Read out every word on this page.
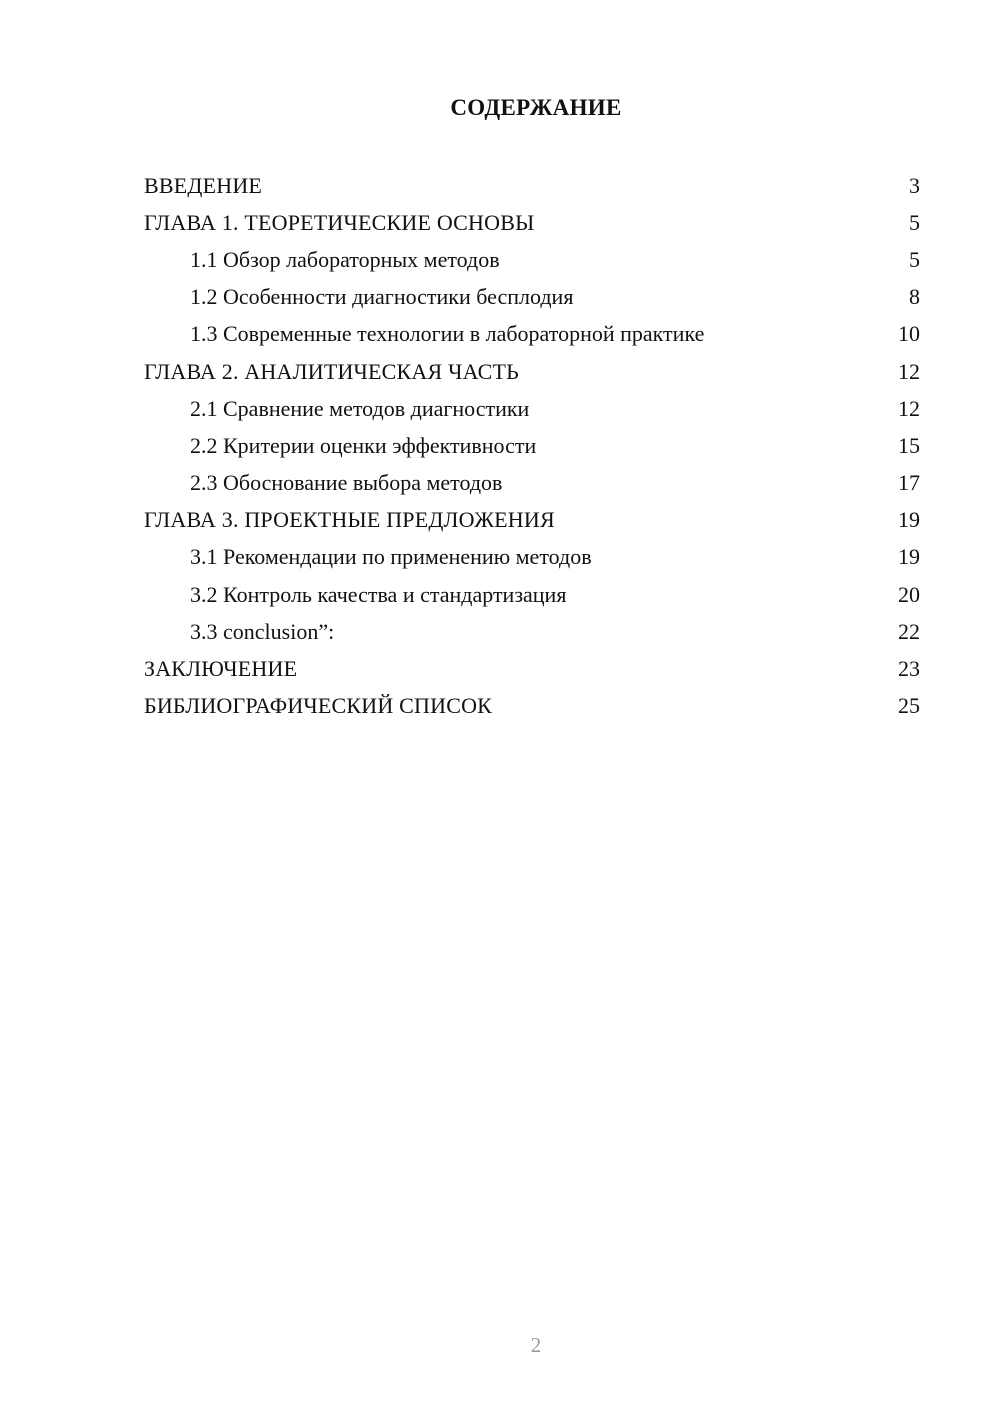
СОДЕРЖАНИЕ
ВВЕДЕНИЕ	3
ГЛАВА 1. ТЕОРЕТИЧЕСКИЕ ОСНОВЫ	5
1.1 Обзор лабораторных методов	5
1.2 Особенности диагностики бесплодия	8
1.3 Современные технологии в лабораторной практике	10
ГЛАВА 2. АНАЛИТИЧЕСКАЯ ЧАСТЬ	12
2.1 Сравнение методов диагностики	12
2.2 Критерии оценки эффективности	15
2.3 Обоснование выбора методов	17
ГЛАВА 3. ПРОЕКТНЫЕ ПРЕДЛОЖЕНИЯ	19
3.1 Рекомендации по применению методов	19
3.2 Контроль качества и стандартизация	20
3.3 conclusion”:	22
ЗАКЛЮЧЕНИЕ	23
БИБЛИОГРАФИЧЕСКИЙ СПИСОК	25
2
